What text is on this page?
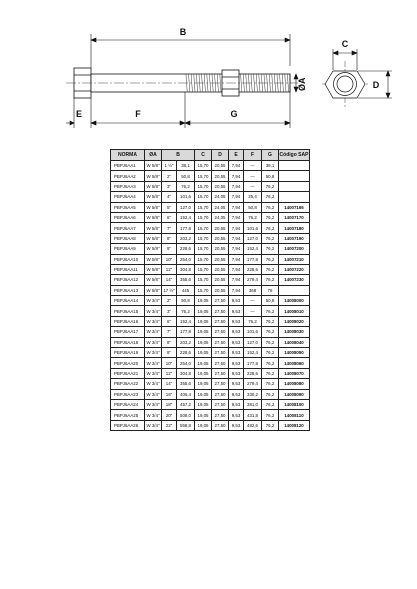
B
ØA
E	F	G
C
D
NORMA	ØA	B		C	D	E	F	G	Código SAP
PBPJ6AA1	W 5/8"	1 ½"	38,1	15,70	20,55	7,94	—	38,1	
PBPJ6AA2	W 5/8"	2"	50,8	15,70	20,55	7,94	—	50,8	
PBPJ6AA3	W 5/8"	3"	76,2	15,70	20,55	7,94	—	76,2	
PBPJ6AA4	W 5/8"	4"	101,6	15,70	24,05	7,94	25,4	76,2	
PBPJ6AA5	W 5/8"	5"	127,0	15,70	24,05	7,94	50,8	76,2	14007165
PBPJ6AA6	W 5/8"	6"	152,4	15,70	24,05	7,94	76,2	76,2	14007170
PBPJ6AA7	W 5/8"	7"	177,8	15,70	20,55	7,94	101,6	76,2	14007180
PBPJ6AA8	W 5/8"	8"	203,2	15,70	20,55	7,94	127,0	76,2	14007190
PBPJ6AA9	W 5/8"	9"	228,6	15,70	20,55	7,94	152,4	76,2	14007200
PBPJ6AA10	W 5/8"	10"	254,0	15,70	20,55	7,94	177,8	76,2	14007210
PBPJ6AA11	W 5/8"	12"	304,8	15,70	20,55	7,94	228,6	76,2	14007220
PBPJ6AA12	W 5/8"	14"	355,6	15,70	20,55	7,94	279,4	76,2	14007230
PBPJ6AA13	W 5/8"	17 ½"	445	15,70	20,55	7,94	368	76	
PBPJ6AA14	W 3/4"	2"	50,8	19,05	27,50	9,53	—	50,8	14008000
PBPJ6AA15	W 3/4"	3"	76,2	19,05	27,50	9,53	—	76,2	14008010
PBPJ6AA16	W 3/4"	6"	152,4	19,05	27,50	9,53	76,2	76,2	14008020
PBPJ6AA17	W 3/4"	7"	177,8	19,05	27,50	9,53	101,6	76,2	14008030
PBPJ6AA18	W 3/4"	8"	203,2	19,05	27,50	9,53	127,0	76,2	14008040
PBPJ6AA19	W 3/4"	9"	228,6	19,05	27,50	9,53	152,4	76,2	14008050
PBPJ6AA20	W 3/4"	10"	254,0	19,05	27,50	9,53	177,8	76,2	14008060
PBPJ6AA21	W 3/4"	12"	304,8	19,05	27,50	9,53	228,6	76,2	14008070
PBPJ6AA22	W 3/4"	14"	355,6	19,05	27,50	9,53	279,4	76,2	14008080
PBPJ6AA23	W 3/4"	16"	406,4	19,05	27,50	9,53	330,2	76,2	14008090
PBPJ6AA24	W 3/4"	18"	457,2	19,05	27,50	9,53	381,0	76,2	14008100
PBPJ6AA25	W 3/4"	20"	508,0	19,05	27,50	9,53	431,8	76,2	14008110
PBPJ6AA26	W 3/4"	22"	558,8	19,05	27,50	9,53	482,6	76,2	14008120
